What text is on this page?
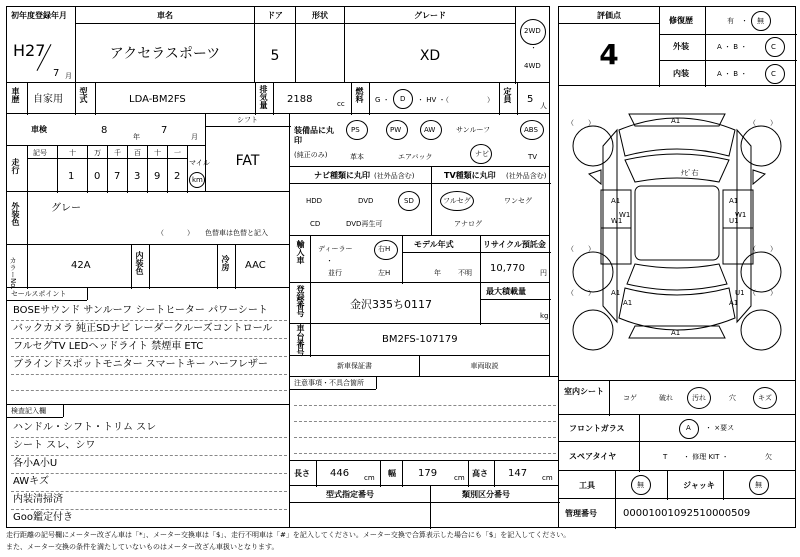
初年度登録年月
H27
7 月
車名
アクセラスポーツ
ドア
5
形状	グレード
XD
2WD
・
4WD
車歴 自家用 型式	LDA-BM2FS	排気量 2188	cc
燃料 G ・ D ・ HV ・（	） 定員 5
人
車検	8
年
7
月
シフト
FAT
走行
記号	十	万 千 百 十 一
1 0 7 3 9 2
マイル
km
外装色	グレー
（	） 色替車は色替と記入
カラーNo.	42A	内装色	冷房 AAC
セールスポイント
BOSEサウンド サンルーフ シートヒーター パワーシート
バックカメラ 純正SDナビ レーダークルーズコントロール
フルセグTV LEDヘッドライト 禁煙車 ETC
ブラインドスポットモニター スマートキー ハーフレザー
検査記入欄
ハンドル・シフト・トリム スレ
シート スレ、シワ
各小A小U
AWキズ
内装清掃済
Goo鑑定付き
装備品に丸印
(純正のみ)
PS	PW	AW	サンルーフ	ABS
革本	エアバック	ナビ	TV
ナビ種類に丸印 (社外品含む)
HDD	DVD	SD
CD	DVD再生可
TV種類に丸印 (社外品含む)
フルセグ	ワンセグ
アナログ
輸入車 ディーラー
・
並行
右H
左H
モデル年式
年 不明
リサイクル預託金
10,770 円
登録番号	金沢335ち0117
最大積載量
kg
車台番号	BM2FS-107179
新車保証書	車両取説
注意事項・不具合箇所
長さ 446 cm 幅 179 cm 高さ 147 cm
型式指定番号	類別区分番号
評価点
4
修復歴	有 ・ 無
外装	A ・ B ・	C
内装	A ・ B ・	C
（　　）	（　　）
（　　）	（　　）
（　　）	（　　）
A1
A1	A1
U1
W1
W1
W1
A1
A1	U1
A1
A1
ﾅﾋﾞ右
室内シート
コゲ	破れ	汚れ	穴	キズ
フロントガラス	A ・ ×要ス
スペアタイヤ	T ・ 修理 KIT ・	欠
工具	無	ジャッキ	無
管理番号	00001001092510000509
走行距離の記号欄にメーター改ざん車は「*」、メーター交換車は「$」、走行不明車は「#」を記入してください。メーター交換で合算表示した場合にも「$」を記入してください。
また、メーター交換の条件を満たしていないものはメーター改ざん車扱いとなります。
